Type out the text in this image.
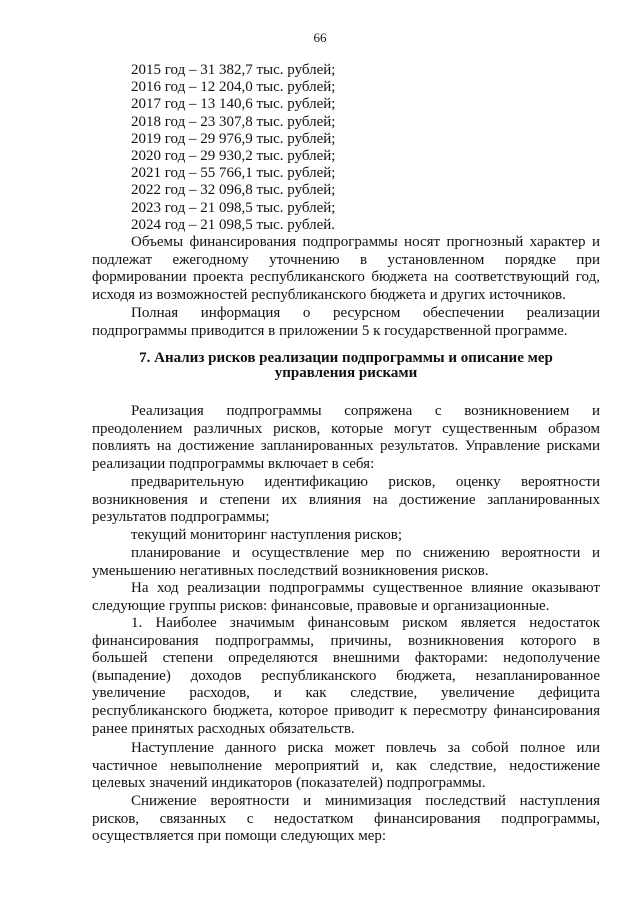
66
2015 год – 31 382,7 тыс. рублей;
2016 год – 12 204,0 тыс. рублей;
2017 год – 13 140,6 тыс. рублей;
2018 год – 23 307,8 тыс. рублей;
2019 год – 29 976,9 тыс. рублей;
2020 год – 29 930,2 тыс. рублей;
2021 год – 55 766,1 тыс. рублей;
2022 год – 32 096,8 тыс. рублей;
2023 год – 21 098,5 тыс. рублей;
2024 год – 21 098,5 тыс. рублей.

Объемы финансирования подпрограммы носят прогнозный характер и

подлежат ежегодному уточнению в установленном порядке при

формировании проекта республиканского бюджета на соответствующий год,

исходя из возможностей республиканского бюджета и других источников.

Полная информация о ресурсном обеспечении реализации

подпрограммы приводится в приложении 5 к государственной программе.

7. Анализ рисков реализации подпрограммы и описание мер

управления рисками

Реализация подпрограммы сопряжена с возникновением и

преодолением различных рисков, которые могут существенным образом

повлиять на достижение запланированных результатов. Управление рисками

реализации подпрограммы включает в себя:

предварительную идентификацию рисков, оценку вероятности

возникновения и степени их влияния на достижение запланированных

результатов подпрограммы;

текущий мониторинг наступления рисков;

планирование и осуществление мер по снижению вероятности и

уменьшению негативных последствий возникновения рисков.

На ход реализации подпрограммы существенное влияние оказывают

следующие группы рисков: финансовые, правовые и организационные.

1. Наиболее значимым финансовым риском является недостаток

финансирования подпрограммы, причины, возникновения которого в

большей степени определяются внешними факторами: недополучение

(выпадение) доходов республиканского бюджета, незапланированное

увеличение расходов, и как следствие, увеличение дефицита

республиканского бюджета, которое приводит к пересмотру финансирования

ранее принятых расходных обязательств.

Наступление данного риска может повлечь за собой полное или

частичное невыполнение мероприятий и, как следствие, недостижение

целевых значений индикаторов (показателей) подпрограммы.

Снижение вероятности и минимизация последствий наступления

рисков, связанных с недостатком финансирования подпрограммы,

осуществляется при помощи следующих мер:
